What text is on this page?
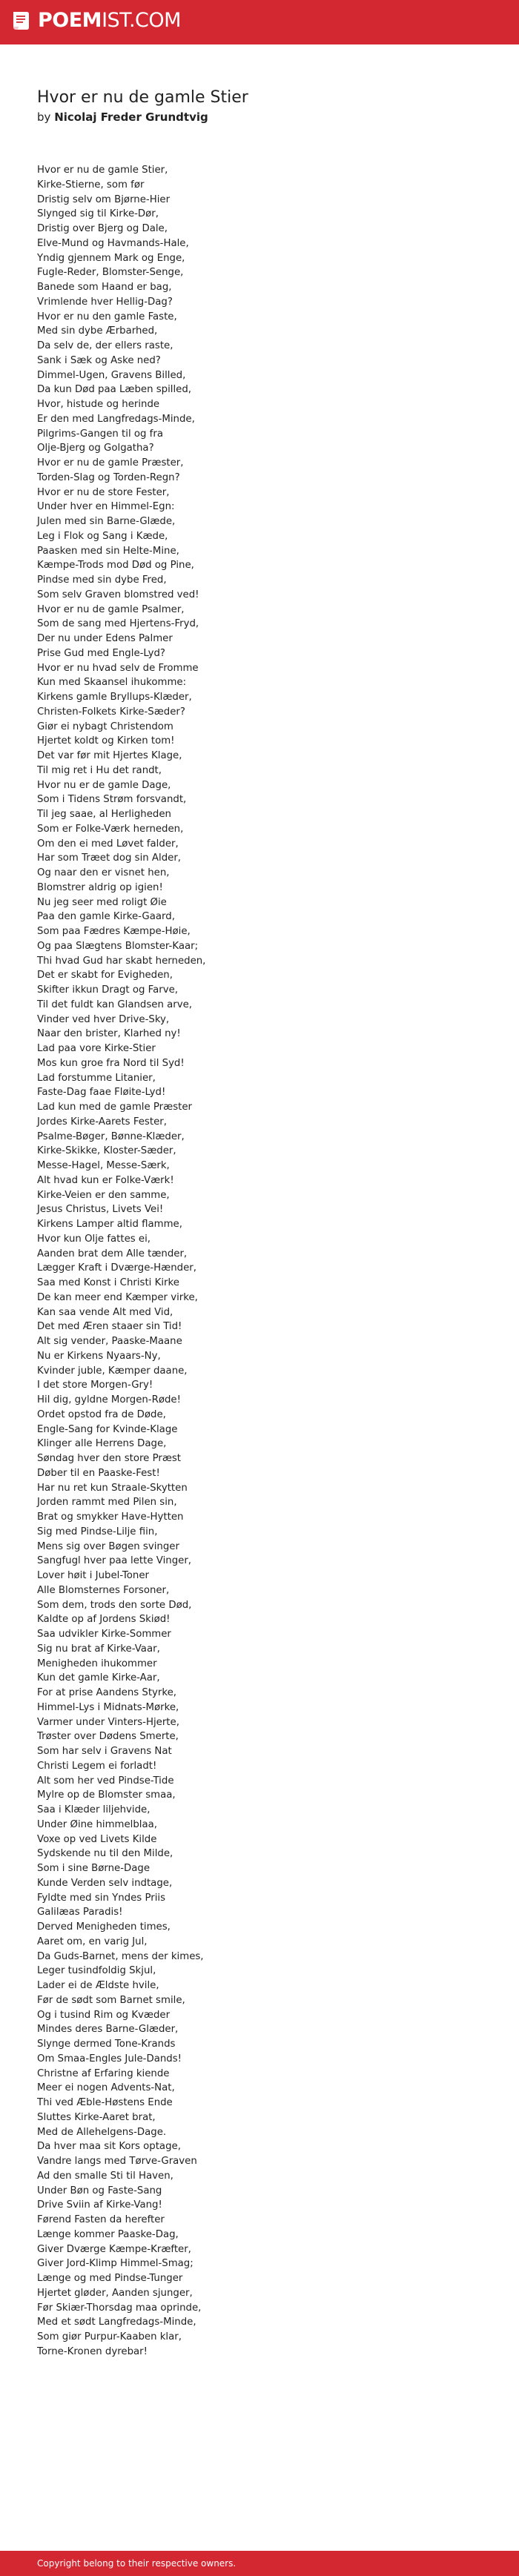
POEMIST.COM
Hvor er nu de gamle Stier
by Nicolaj Freder Grundtvig
Hvor er nu de gamle Stier,
Kirke-Stierne, som før
Dristig selv om Bjørne-Hier
Slynged sig til Kirke-Dør,
Dristig over Bjerg og Dale,
Elve-Mund og Havmands-Hale,
Yndig gjennem Mark og Enge,
Fugle-Reder, Blomster-Senge,
Banede som Haand er bag,
Vrimlende hver Hellig-Dag?
Hvor er nu den gamle Faste,
Med sin dybe Ærbarhed,
Da selv de, der ellers raste,
Sank i Sæk og Aske ned?
Dimmel-Ugen, Gravens Billed,
Da kun Død paa Læben spilled,
Hvor, histude og herinde
Er den med Langfredags-Minde,
Pilgrims-Gangen til og fra
Olje-Bjerg og Golgatha?
Hvor er nu de gamle Præster,
Torden-Slag og Torden-Regn?
Hvor er nu de store Fester,
Under hver en Himmel-Egn:
Julen med sin Barne-Glæde,
Leg i Flok og Sang i Kæde,
Paasken med sin Helte-Mine,
Kæmpe-Trods mod Død og Pine,
Pindse med sin dybe Fred,
Som selv Graven blomstred ved!
Hvor er nu de gamle Psalmer,
Som de sang med Hjertens-Fryd,
Der nu under Edens Palmer
Prise Gud med Engle-Lyd?
Hvor er nu hvad selv de Fromme
Kun med Skaansel ihukomme:
Kirkens gamle Bryllups-Klæder,
Christen-Folkets Kirke-Sæder?
Giør ei nybagt Christendom
Hjertet koldt og Kirken tom!
Det var før mit Hjertes Klage,
Til mig ret i Hu det randt,
Hvor nu er de gamle Dage,
Som i Tidens Strøm forsvandt,
Til jeg saae, al Herligheden
Som er Folke-Værk herneden,
Om den ei med Løvet falder,
Har som Træet dog sin Alder,
Og naar den er visnet hen,
Blomstrer aldrig op igien!
Nu jeg seer med roligt Øie
Paa den gamle Kirke-Gaard,
Som paa Fædres Kæmpe-Høie,
Og paa Slægtens Blomster-Kaar;
Thi hvad Gud har skabt herneden,
Det er skabt for Evigheden,
Skifter ikkun Dragt og Farve,
Til det fuldt kan Glandsen arve,
Vinder ved hver Drive-Sky,
Naar den brister, Klarhed ny!
Lad paa vore Kirke-Stier
Mos kun groe fra Nord til Syd!
Lad forstumme Litanier,
Faste-Dag faae Fløite-Lyd!
Lad kun med de gamle Præster
Jordes Kirke-Aarets Fester,
Psalme-Bøger, Bønne-Klæder,
Kirke-Skikke, Kloster-Sæder,
Messe-Hagel, Messe-Særk,
Alt hvad kun er Folke-Værk!
Kirke-Veien er den samme,
Jesus Christus, Livets Vei!
Kirkens Lamper altid flamme,
Hvor kun Olje fattes ei,
Aanden brat dem Alle tænder,
Lægger Kraft i Dværge-Hænder,
Saa med Konst i Christi Kirke
De kan meer end Kæmper virke,
Kan saa vende Alt med Vid,
Det med Æren staaer sin Tid!
Alt sig vender, Paaske-Maane
Nu er Kirkens Nyaars-Ny,
Kvinder juble, Kæmper daane,
I det store Morgen-Gry!
Hil dig, gyldne Morgen-Røde!
Ordet opstod fra de Døde,
Engle-Sang for Kvinde-Klage
Klinger alle Herrens Dage,
Søndag hver den store Præst
Døber til en Paaske-Fest!
Har nu ret kun Straale-Skytten
Jorden rammt med Pilen sin,
Brat og smykker Have-Hytten
Sig med Pindse-Lilje fiin,
Mens sig over Bøgen svinger
Sangfugl hver paa lette Vinger,
Lover høit i Jubel-Toner
Alle Blomsternes Forsoner,
Som dem, trods den sorte Død,
Kaldte op af Jordens Skiød!
Saa udvikler Kirke-Sommer
Sig nu brat af Kirke-Vaar,
Menigheden ihukommer
Kun det gamle Kirke-Aar,
For at prise Aandens Styrke,
Himmel-Lys i Midnats-Mørke,
Varmer under Vinters-Hjerte,
Trøster over Dødens Smerte,
Som har selv i Gravens Nat
Christi Legem ei forladt!
Alt som her ved Pindse-Tide
Mylre op de Blomster smaa,
Saa i Klæder liljehvide,
Under Øine himmelblaa,
Voxe op ved Livets Kilde
Sydskende nu til den Milde,
Som i sine Børne-Dage
Kunde Verden selv indtage,
Fyldte med sin Yndes Priis
Galilæas Paradis!
Derved Menigheden times,
Aaret om, en varig Jul,
Da Guds-Barnet, mens der kimes,
Leger tusindfoldig Skjul,
Lader ei de Ældste hvile,
Før de sødt som Barnet smile,
Og i tusind Rim og Kvæder
Mindes deres Barne-Glæder,
Slynge dermed Tone-Krands
Om Smaa-Engles Jule-Dands!
Christne af Erfaring kiende
Meer ei nogen Advents-Nat,
Thi ved Æble-Høstens Ende
Sluttes Kirke-Aaret brat,
Med de Allehelgens-Dage.
Da hver maa sit Kors optage,
Vandre langs med Tørve-Graven
Ad den smalle Sti til Haven,
Under Bøn og Faste-Sang
Drive Sviin af Kirke-Vang!
Førend Fasten da herefter
Længe kommer Paaske-Dag,
Giver Dværge Kæmpe-Kræfter,
Giver Jord-Klimp Himmel-Smag;
Længe og med Pindse-Tunger
Hjertet gløder, Aanden sjunger,
Før Skiær-Thorsdag maa oprinde,
Med et sødt Langfredags-Minde,
Som giør Purpur-Kaaben klar,
Torne-Kronen dyrebar!
Copyright belong to their respective owners.
